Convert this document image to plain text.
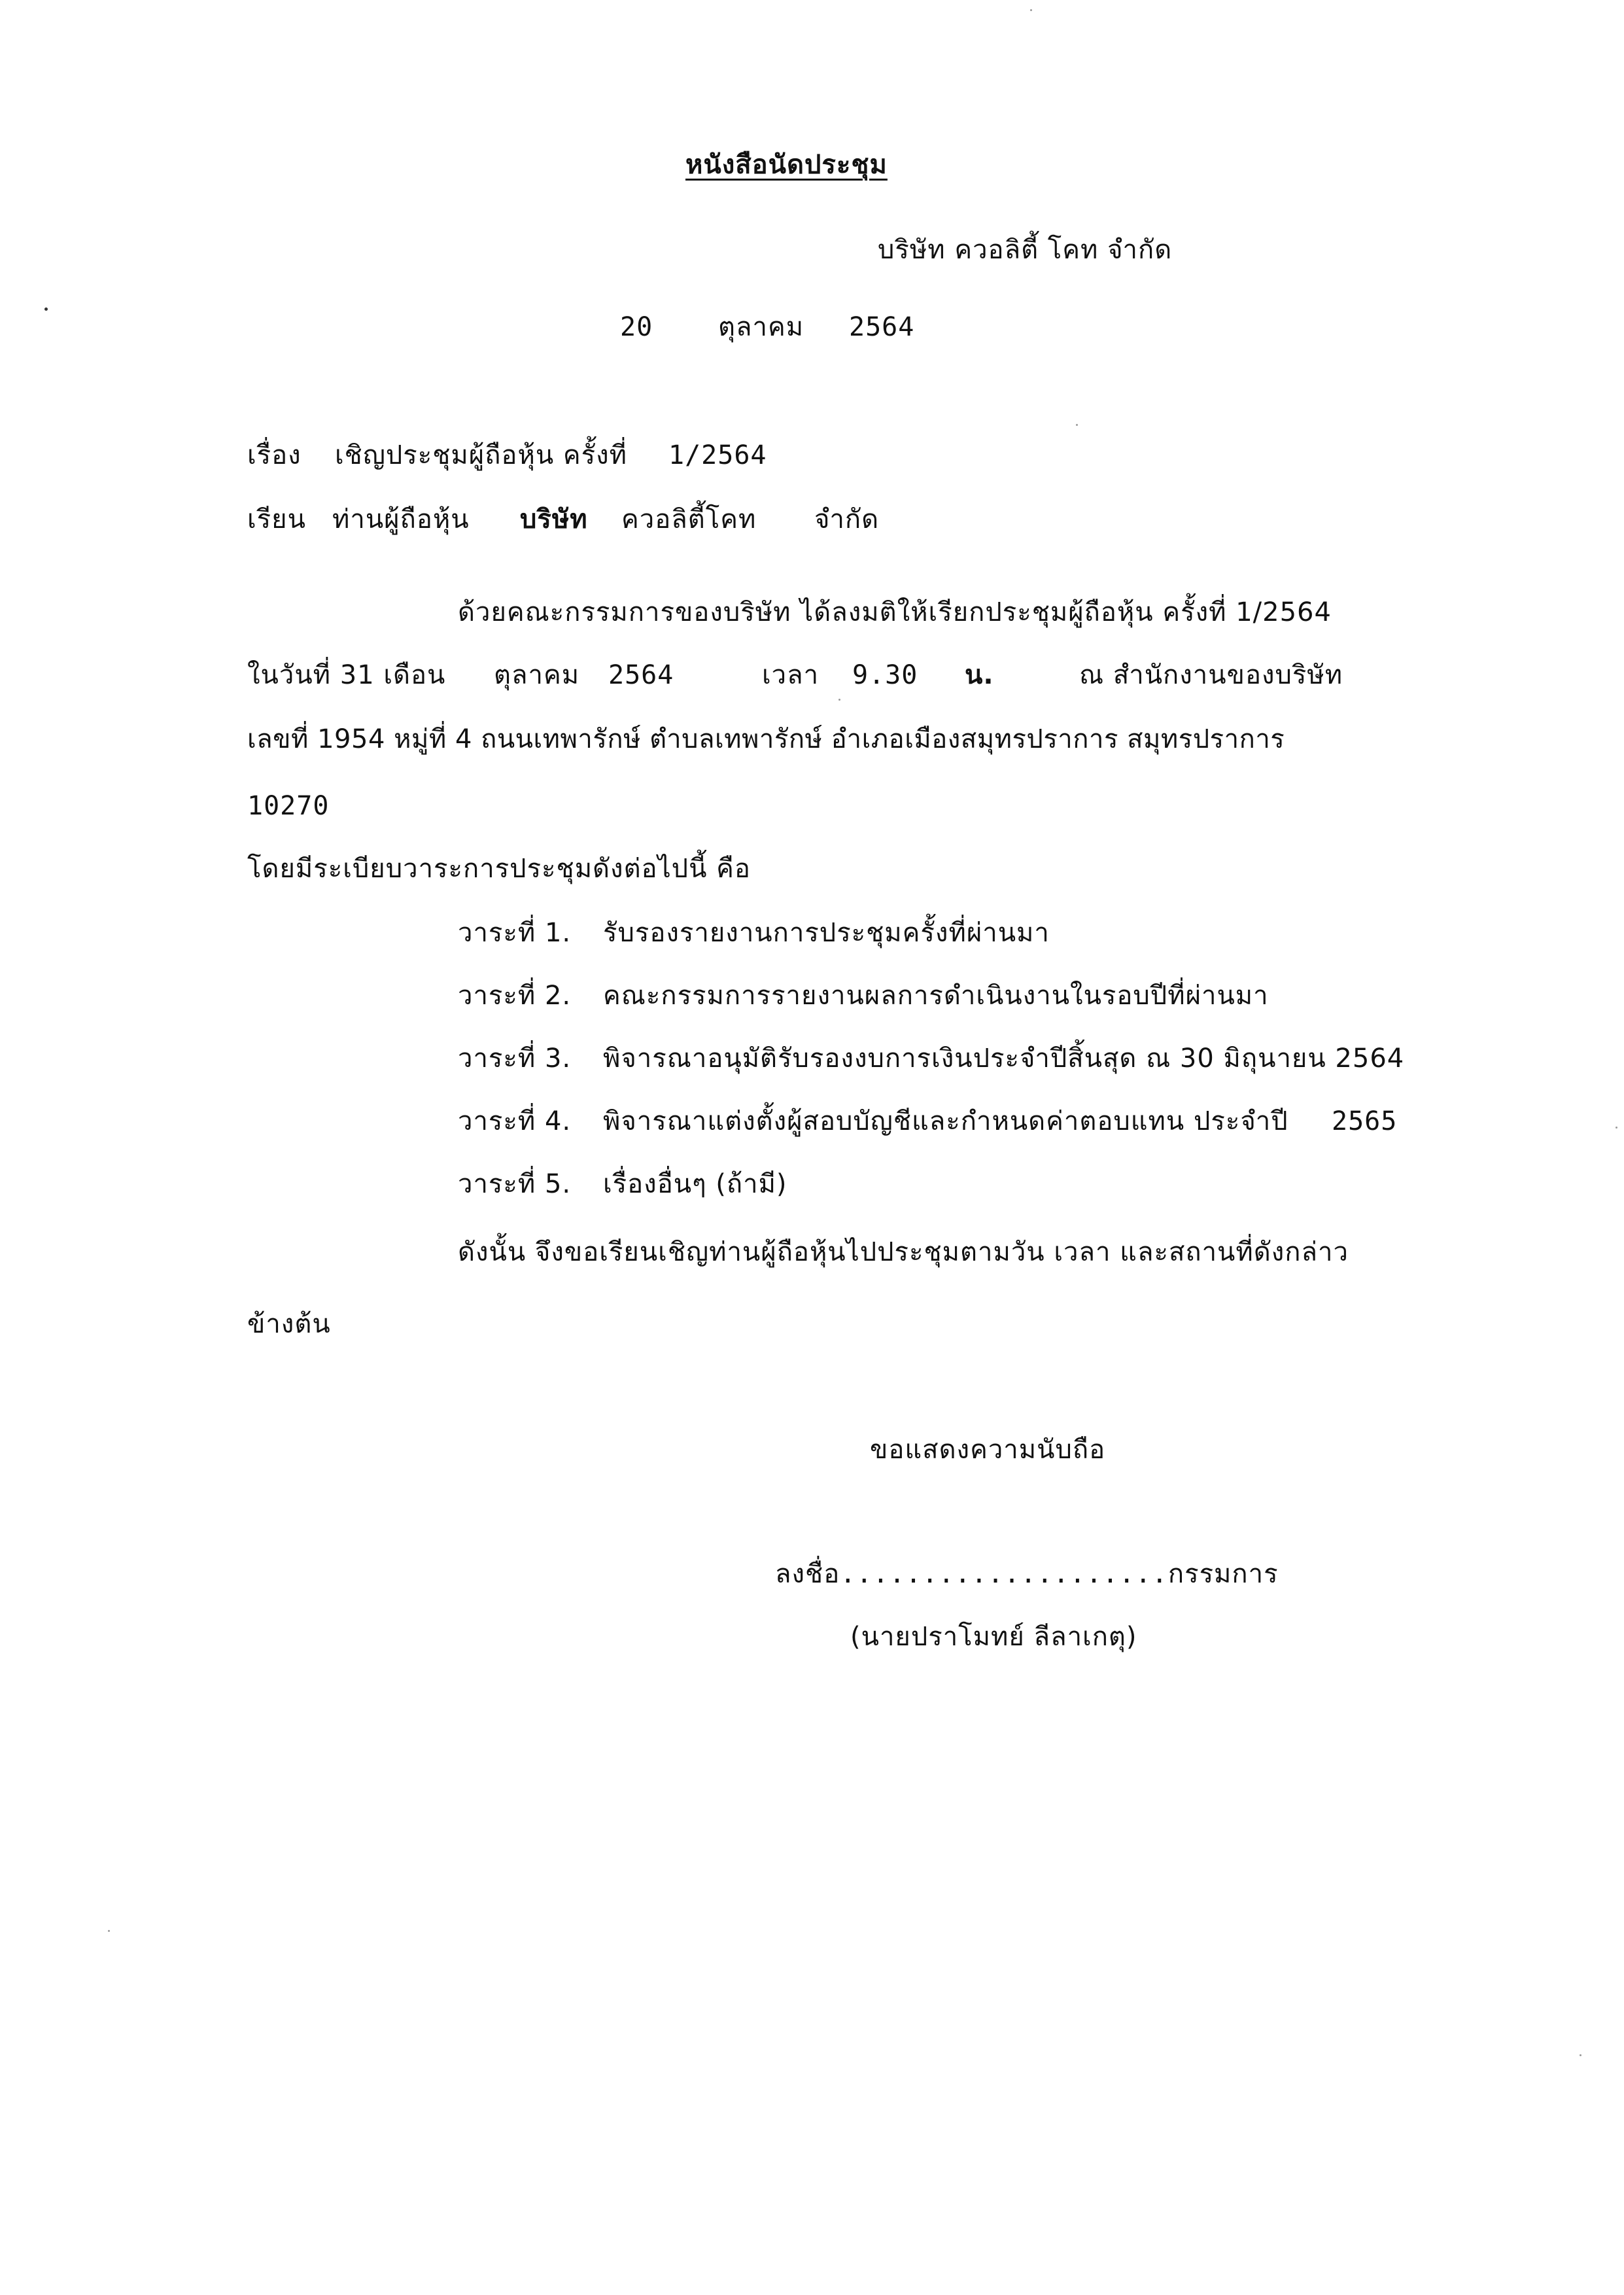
หนังสือนัดประชุม
บริษัท ควอลิตี้ โคท จำกัด
20 ตุลาคม 2564
เรื่อง เชิญประชุมผู้ถือหุ้น ครั้งที่ 1/2564
เรียน ท่านผู้ถือหุ้น บริษัท ควอลิตี้โคท จำกัด
ด้วยคณะกรรมการของบริษัท ได้ลงมติให้เรียกประชุมผู้ถือหุ้น ครั้งที่ 1/2564
ในวันที่ 31 เดือน ตุลาคม 2564	เวลา 9.30 น.	ณ สำนักงานของบริษัท
เลขที่ 1954 หมู่ที่ 4 ถนนเทพารักษ์ ตำบลเทพารักษ์ อำเภอเมืองสมุทรปราการ สมุทรปราการ
10270
โดยมีระเบียบวาระการประชุมดังต่อไปนี้ คือ
วาระที่ 1. รับรองรายงานการประชุมครั้งที่ผ่านมา
วาระที่ 2. คณะกรรมการรายงานผลการดำเนินงานในรอบปีที่ผ่านมา
วาระที่ 3. พิจารณาอนุมัติรับรองงบการเงินประจำปีสิ้นสุด ณ 30 มิถุนายน 2564
วาระที่ 4. พิจารณาแต่งตั้งผู้สอบบัญชีและกำหนดค่าตอบแทน ประจำปี 2565
วาระที่ 5. เรื่องอื่นๆ (ถ้ามี)
ดังนั้น จึงขอเรียนเชิญท่านผู้ถือหุ้นไปประชุมตามวัน เวลา และสถานที่ดังกล่าว
ข้างต้น
ขอแสดงความนับถือ
ลงชื่อ....................กรรมการ
(นายปราโมทย์ ลีลาเกตุ)
